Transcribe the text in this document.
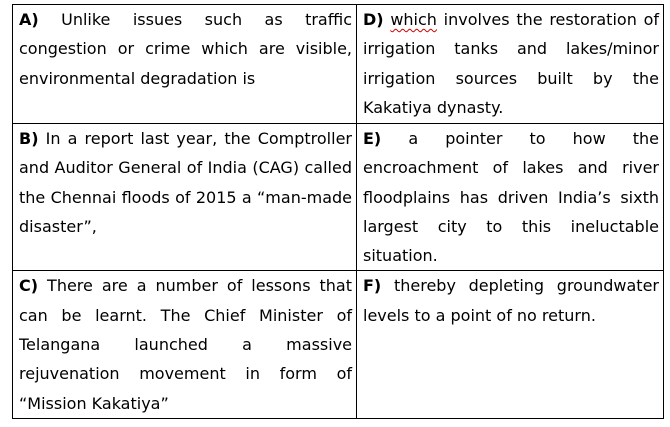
A) Unlike issues such as traffic congestion or crime which are visible, environmental degradation is	D) which involves the restoration of irrigation tanks and lakes/minor irrigation sources built by the Kakatiya dynasty.
B) In a report last year, the Comptroller and Auditor General of India (CAG) called the Chennai floods of 2015 a “man-made disaster”,	E) a pointer to how the encroachment of lakes and river floodplains has driven India’s sixth largest city to this ineluctable situation.
C) There are a number of lessons that can be learnt. The Chief Minister of Telangana launched a massive rejuvenation movement in form of “Mission Kakatiya”	F) thereby depleting groundwater levels to a point of no return.
